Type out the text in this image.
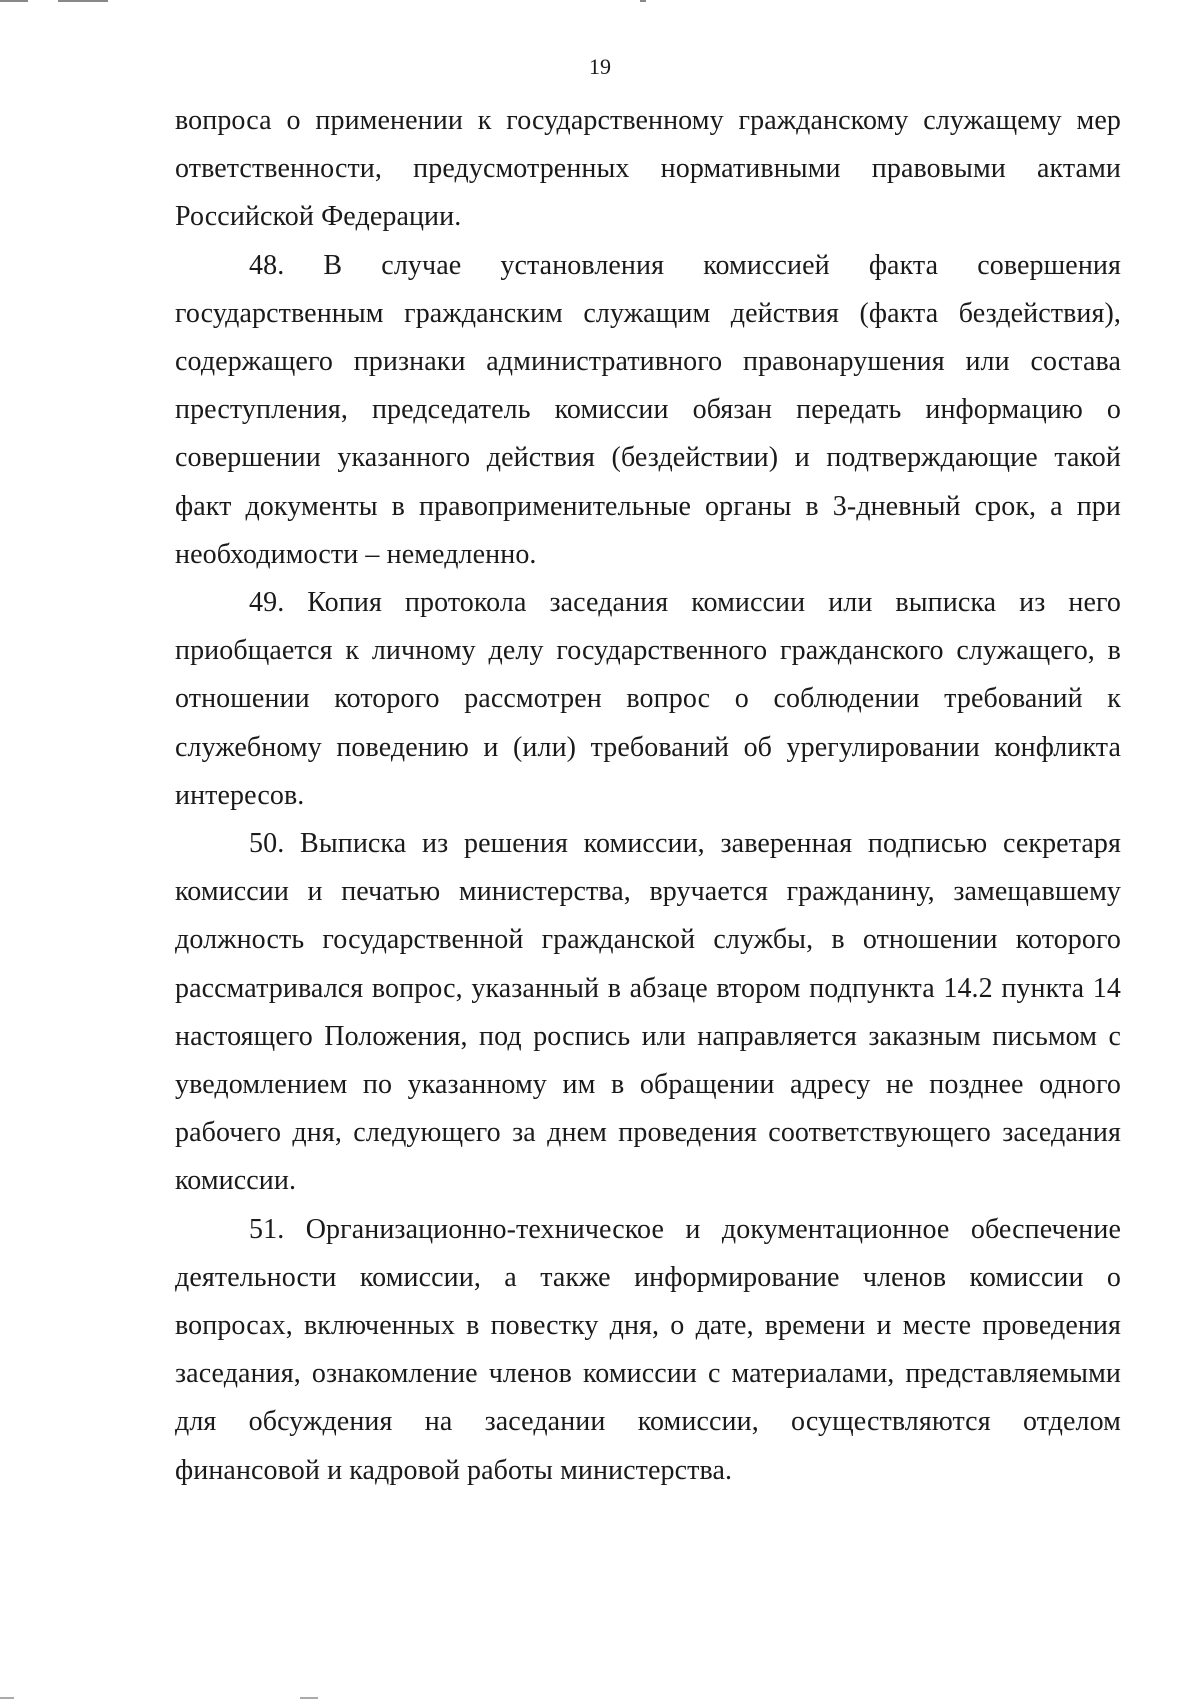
19

вопроса о применении к государственному гражданскому служащему мер ответственности, предусмотренных нормативными правовыми актами Российской Федерации.

48. В случае установления комиссией факта совершения государственным гражданским служащим действия (факта бездействия), содержащего признаки административного правонарушения или состава преступления, председатель комиссии обязан передать информацию о совершении указанного действия (бездействии) и подтверждающие такой факт документы в правоприменительные органы в 3-дневный срок, а при необходимости – немедленно.

49. Копия протокола заседания комиссии или выписка из него приобщается к личному делу государственного гражданского служащего, в отношении которого рассмотрен вопрос о соблюдении требований к служебному поведению и (или) требований об урегулировании конфликта интересов.

50. Выписка из решения комиссии, заверенная подписью секретаря комиссии и печатью министерства, вручается гражданину, замещавшему должность государственной гражданской службы, в отношении которого рассматривался вопрос, указанный в абзаце втором подпункта 14.2 пункта 14 настоящего Положения, под роспись или направляется заказным письмом с уведомлением по указанному им в обращении адресу не позднее одного рабочего дня, следующего за днем проведения соответствующего заседания комиссии.

51. Организационно-техническое и документационное обеспечение деятельности комиссии, а также информирование членов комиссии о вопросах, включенных в повестку дня, о дате, времени и месте проведения заседания, ознакомление членов комиссии с материалами, представляемыми для обсуждения на заседании комиссии, осуществляются отделом финансовой и кадровой работы министерства.
